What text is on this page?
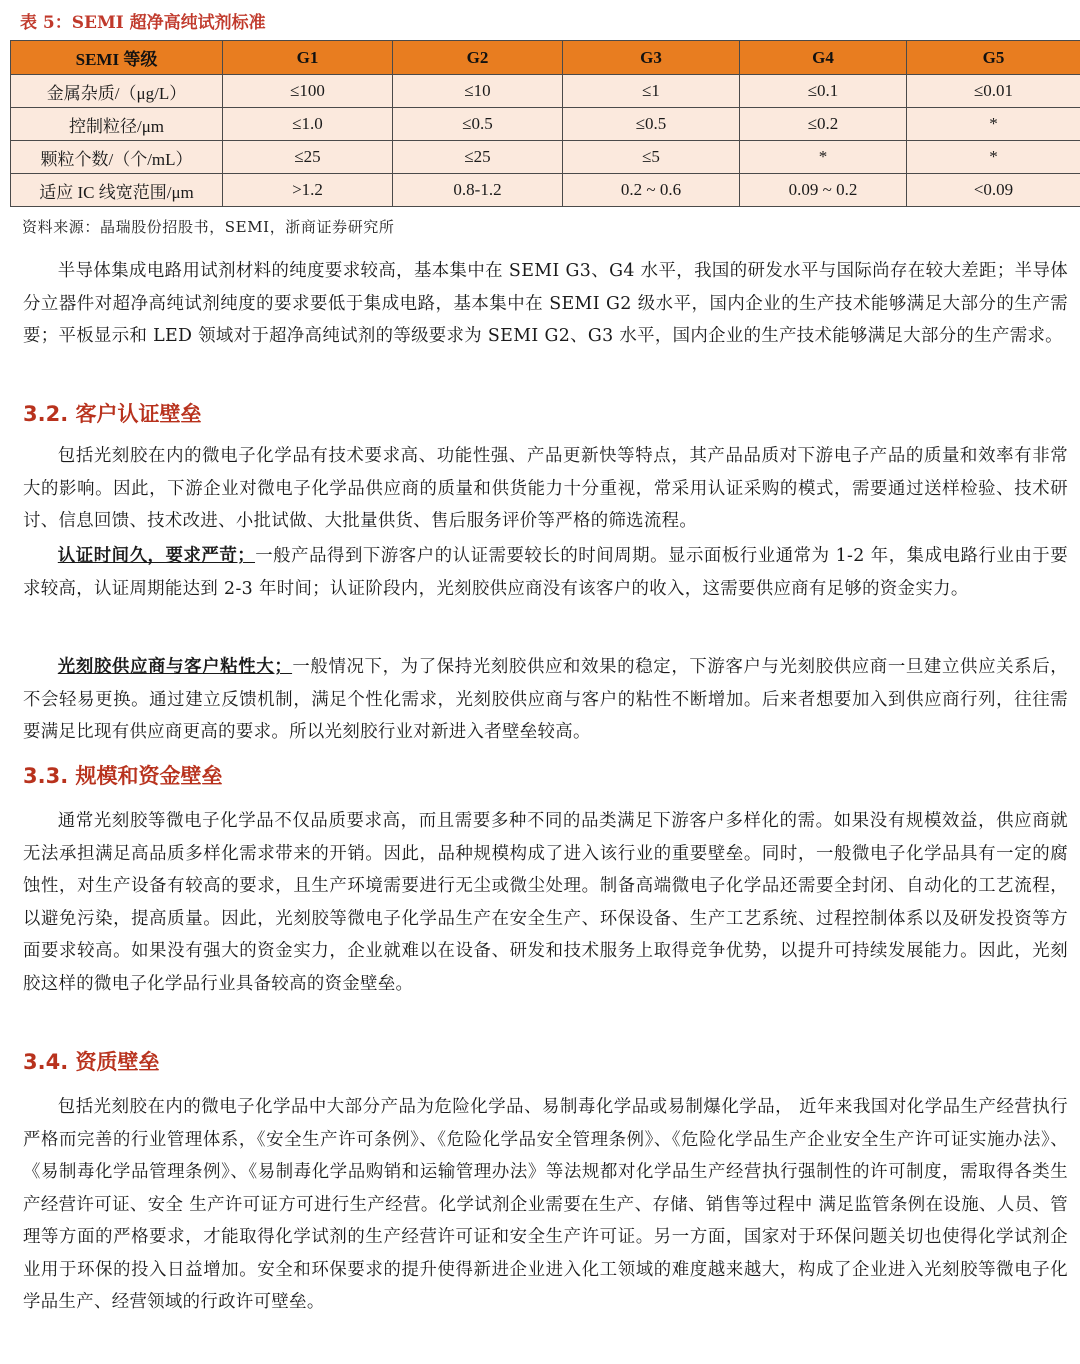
表 5：SEMI 超净高纯试剂标准
SEMI 等级	G1	G2	G3	G4	G5
金属杂质/（μg/L）	≤100	≤10	≤1	≤0.1	≤0.01
控制粒径/μm	≤1.0	≤0.5	≤0.5	≤0.2	*
颗粒个数/（个/mL）	≤25	≤25	≤5	*	*
适应 IC 线宽范围/μm	>1.2	0.8-1.2	0.2 ~ 0.6	0.09 ~ 0.2	<0.09
资料来源：晶瑞股份招股书，SEMI，浙商证券研究所

半导体集成电路用试剂材料的纯度要求较高，基本集中在 SEMI G3、G4 水平，我国的研发水平与国际尚存在较大差距；半导体分立器件对超净高纯试剂纯度的要求要低于集成电路，基本集中在 SEMI G2 级水平，国内企业的生产技术能够满足大部分的生产需要；平板显示和 LED 领域对于超净高纯试剂的等级要求为 SEMI G2、G3 水平，国内企业的生产技术能够满足大部分的生产需求。

3.2. 客户认证壁垒

包括光刻胶在内的微电子化学品有技术要求高、功能性强、产品更新快等特点，其产品品质对下游电子产品的质量和效率有非常大的影响。因此，下游企业对微电子化学品供应商的质量和供货能力十分重视，常采用认证采购的模式，需要通过送样检验、技术研讨、信息回馈、技术改进、小批试做、大批量供货、售后服务评价等严格的筛选流程。

认证时间久，要求严苛；一般产品得到下游客户的认证需要较长的时间周期。显示面板行业通常为 1-2 年，集成电路行业由于要求较高，认证周期能达到 2-3 年时间；认证阶段内，光刻胶供应商没有该客户的收入，这需要供应商有足够的资金实力。

光刻胶供应商与客户粘性大；一般情况下，为了保持光刻胶供应和效果的稳定，下游客户与光刻胶供应商一旦建立供应关系后，不会轻易更换。通过建立反馈机制，满足个性化需求，光刻胶供应商与客户的粘性不断增加。后来者想要加入到供应商行列，往往需要满足比现有供应商更高的要求。所以光刻胶行业对新进入者壁垒较高。

3.3. 规模和资金壁垒

通常光刻胶等微电子化学品不仅品质要求高，而且需要多种不同的品类满足下游客户多样化的需。如果没有规模效益，供应商就无法承担满足高品质多样化需求带来的开销。因此，品种规模构成了进入该行业的重要壁垒。同时，一般微电子化学品具有一定的腐蚀性，对生产设备有较高的要求，且生产环境需要进行无尘或微尘处理。制备高端微电子化学品还需要全封闭、自动化的工艺流程，以避免污染，提高质量。因此，光刻胶等微电子化学品生产在安全生产、环保设备、生产工艺系统、过程控制体系以及研发投资等方面要求较高。如果没有强大的资金实力，企业就难以在设备、研发和技术服务上取得竞争优势，以提升可持续发展能力。因此，光刻胶这样的微电子化学品行业具备较高的资金壁垒。

3.4. 资质壁垒

包括光刻胶在内的微电子化学品中大部分产品为危险化学品、易制毒化学品或易制爆化学品， 近年来我国对化学品生产经营执行严格而完善的行业管理体系，《安全生产许可条例》、《危险化学品安全管理条例》、《危险化学品生产企业安全生产许可证实施办法》、《易制毒化学品管理条例》、《易制毒化学品购销和运输管理办法》等法规都对化学品生产经营执行强制性的许可制度，需取得各类生产经营许可证、安全 生产许可证方可进行生产经营。化学试剂企业需要在生产、存储、销售等过程中 满足监管条例在设施、人员、管理等方面的严格要求，才能取得化学试剂的生产经营许可证和安全生产许可证。另一方面，国家对于环保问题关切也使得化学试剂企业用于环保的投入日益增加。安全和环保要求的提升使得新进企业进入化工领域的难度越来越大，构成了企业进入光刻胶等微电子化学品生产、经营领域的行政许可壁垒。
